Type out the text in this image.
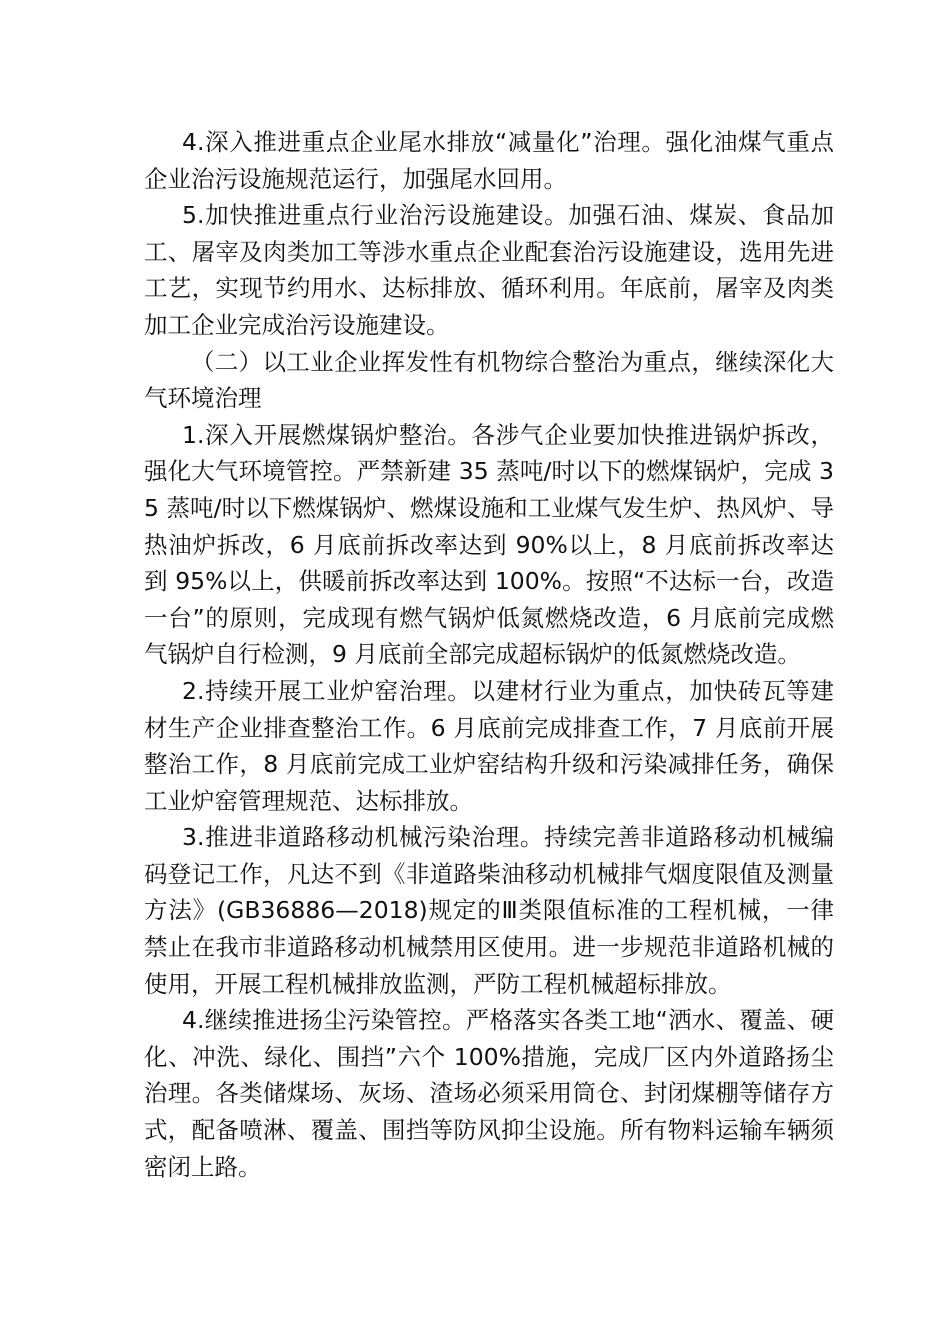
4.深入推进重点企业尾水排放“减量化”治理。强化油煤气重点企业治污设施规范运行，加强尾水回用。

5.加快推进重点行业治污设施建设。加强石油、煤炭、食品加工、屠宰及肉类加工等涉水重点企业配套治污设施建设，选用先进工艺，实现节约用水、达标排放、循环利用。年底前，屠宰及肉类加工企业完成治污设施建设。

（二）以工业企业挥发性有机物综合整治为重点，继续深化大气环境治理

1.深入开展燃煤锅炉整治。各涉气企业要加快推进锅炉拆改，强化大气环境管控。严禁新建 35 蒸吨/时以下的燃煤锅炉，完成 35 蒸吨/时以下燃煤锅炉、燃煤设施和工业煤气发生炉、热风炉、导热油炉拆改，6 月底前拆改率达到 90%以上，8 月底前拆改率达到 95%以上，供暖前拆改率达到 100%。按照“不达标一台，改造一台”的原则，完成现有燃气锅炉低氮燃烧改造，6 月底前完成燃气锅炉自行检测，9 月底前全部完成超标锅炉的低氮燃烧改造。

2.持续开展工业炉窑治理。以建材行业为重点，加快砖瓦等建材生产企业排查整治工作。6 月底前完成排查工作，7 月底前开展整治工作，8 月底前完成工业炉窑结构升级和污染减排任务，确保工业炉窑管理规范、达标排放。

3.推进非道路移动机械污染治理。持续完善非道路移动机械编码登记工作，凡达不到《非道路柴油移动机械排气烟度限值及测量方法》(GB36886—2018)规定的Ⅲ类限值标准的工程机械，一律禁止在我市非道路移动机械禁用区使用。进一步规范非道路机械的使用，开展工程机械排放监测，严防工程机械超标排放。

4.继续推进扬尘污染管控。严格落实各类工地“洒水、覆盖、硬化、冲洗、绿化、围挡”六个 100%措施，完成厂区内外道路扬尘治理。各类储煤场、灰场、渣场必须采用筒仓、封闭煤棚等储存方式，配备喷淋、覆盖、围挡等防风抑尘设施。所有物料运输车辆须密闭上路。
